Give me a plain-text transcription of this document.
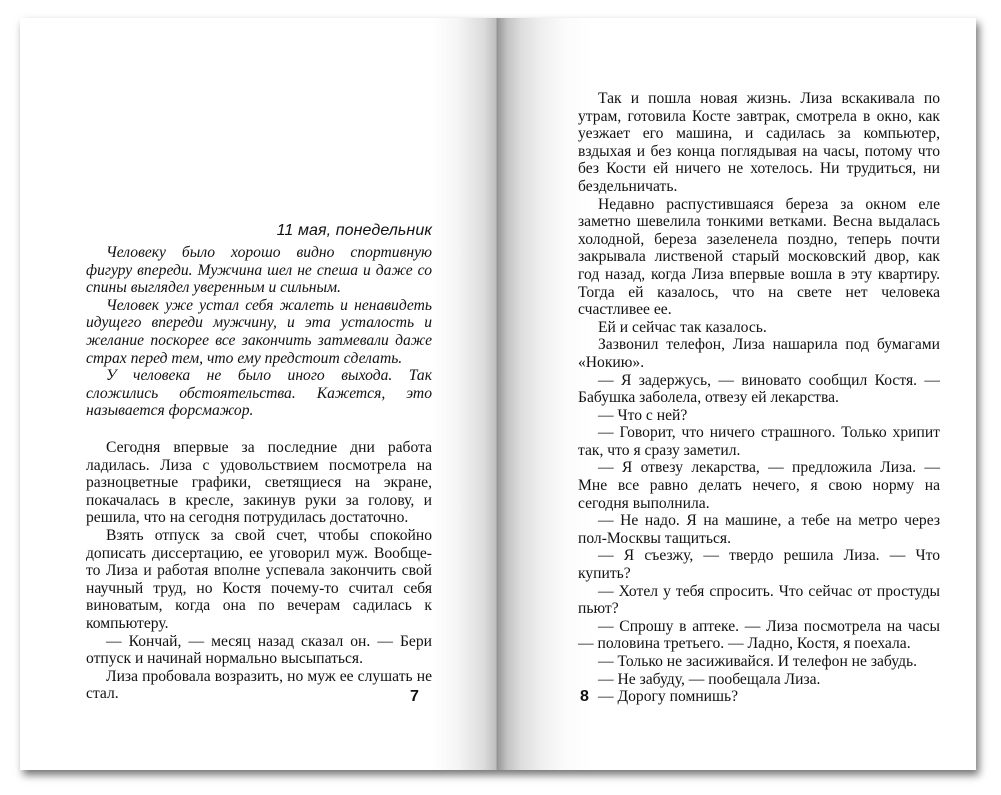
11 мая, понедельник

Человеку было хорошо видно спортивную фигуру впереди. Мужчина шел не спеша и даже со спины выглядел уверенным и сильным.

Человек уже устал себя жалеть и ненавидеть идущего впереди мужчину, и эта усталость и желание поскорее все закончить затмевали даже страх перед тем, что ему предстоит сделать.

У человека не было иного выхода. Так сложились обстоятельства. Кажется, это называется форсмажор.

Сегодня впервые за последние дни работа ладилась. Лиза с удовольствием посмотрела на разноцветные графики, светящиеся на экране, покачалась в кресле, закинув руки за голову, и решила, что на сегодня потрудилась достаточно.

Взять отпуск за свой счет, чтобы спокойно дописать диссертацию, ее уговорил муж. Вообще-то Лиза и работая вполне успевала закончить свой научный труд, но Костя почему-то считал себя виноватым, когда она по вечерам садилась к компьютеру.

— Кончай, — месяц назад сказал он. — Бери отпуск и начинай нормально высыпаться.

Лиза пробовала возразить, но муж ее слушать не стал.	7

Так и пошла новая жизнь. Лиза вскакивала по утрам, готовила Косте завтрак, смотрела в окно, как уезжает его машина, и садилась за компьютер, вздыхая и без конца поглядывая на часы, потому что без Кости ей ничего не хотелось. Ни трудиться, ни бездельничать.

Недавно распустившаяся береза за окном еле заметно шевелила тонкими ветками. Весна выдалась холодной, береза зазеленела поздно, теперь почти закрывала лиственой старый московский двор, как год назад, когда Лиза впервые вошла в эту квартиру. Тогда ей казалось, что на свете нет человека счастливее ее.

Ей и сейчас так казалось.

Зазвонил телефон, Лиза нашарила под бумагами «Нокию».

— Я задержусь, — виновато сообщил Костя. — Бабушка заболела, отвезу ей лекарства.

— Что с ней?

— Говорит, что ничего страшного. Только хрипит так, что я сразу заметил.

— Я отвезу лекарства, — предложила Лиза. — Мне все равно делать нечего, я свою норму на сегодня выполнила.

— Не надо. Я на машине, а тебе на метро через пол-Москвы тащиться.

— Я съезжу, — твердо решила Лиза. — Что купить?

— Хотел у тебя спросить. Что сейчас от простуды пьют?

— Спрошу в аптеке. — Лиза посмотрела на часы — половина третьего. — Ладно, Костя, я поехала.

— Только не засиживайся. И телефон не забудь.

— Не забуду, — пообещала Лиза.

— Дорогу помнишь?

8
